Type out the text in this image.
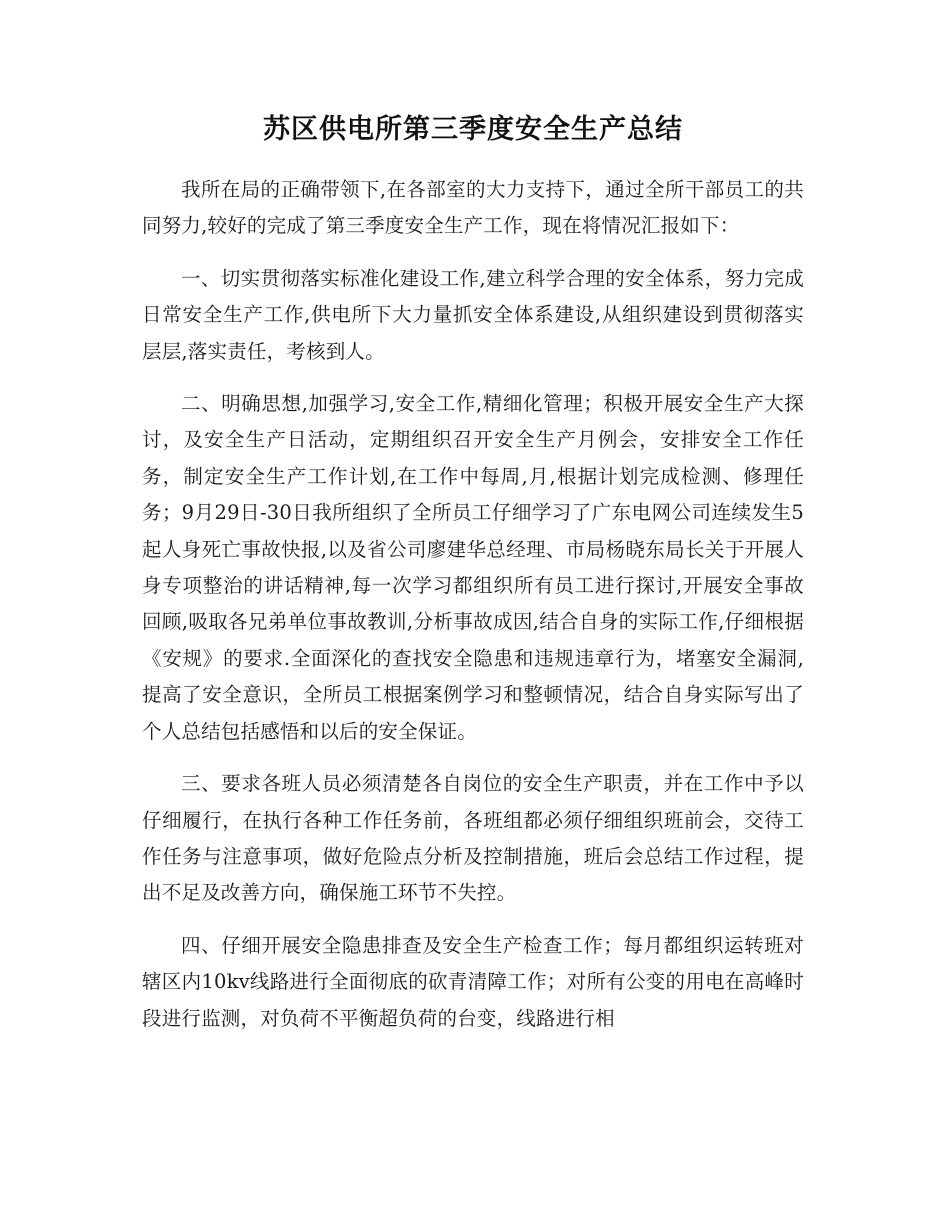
苏区供电所第三季度安全生产总结

我所在局的正确带领下,在各部室的大力支持下，通过全所干部员工的共同努力,较好的完成了第三季度安全生产工作，现在将情况汇报如下：

一、切实贯彻落实标准化建设工作,建立科学合理的安全体系，努力完成日常安全生产工作,供电所下大力量抓安全体系建设,从组织建设到贯彻落实层层,落实责任，考核到人。

二、明确思想,加强学习,安全工作,精细化管理；积极开展安全生产大探讨，及安全生产日活动，定期组织召开安全生产月例会，安排安全工作任务，制定安全生产工作计划,在工作中每周,月,根据计划完成检测、修理任务；9月29日-30日我所组织了全所员工仔细学习了广东电网公司连续发生5起人身死亡事故快报,以及省公司廖建华总经理、市局杨晓东局长关于开展人身专项整治的讲话精神,每一次学习都组织所有员工进行探讨,开展安全事故回顾,吸取各兄弟单位事故教训,分析事故成因,结合自身的实际工作,仔细根据《安规》的要求.全面深化的查找安全隐患和违规违章行为，堵塞安全漏洞,提高了安全意识，全所员工根据案例学习和整顿情况，结合自身实际写出了个人总结包括感悟和以后的安全保证。

三、要求各班人员必须清楚各自岗位的安全生产职责，并在工作中予以仔细履行，在执行各种工作任务前，各班组都必须仔细组织班前会，交待工作任务与注意事项，做好危险点分析及控制措施，班后会总结工作过程，提出不足及改善方向，确保施工环节不失控。

四、仔细开展安全隐患排查及安全生产检查工作；每月都组织运转班对辖区内10kv线路进行全面彻底的砍青清障工作；对所有公变的用电在高峰时段进行监测，对负荷不平衡超负荷的台变，线路进行相
